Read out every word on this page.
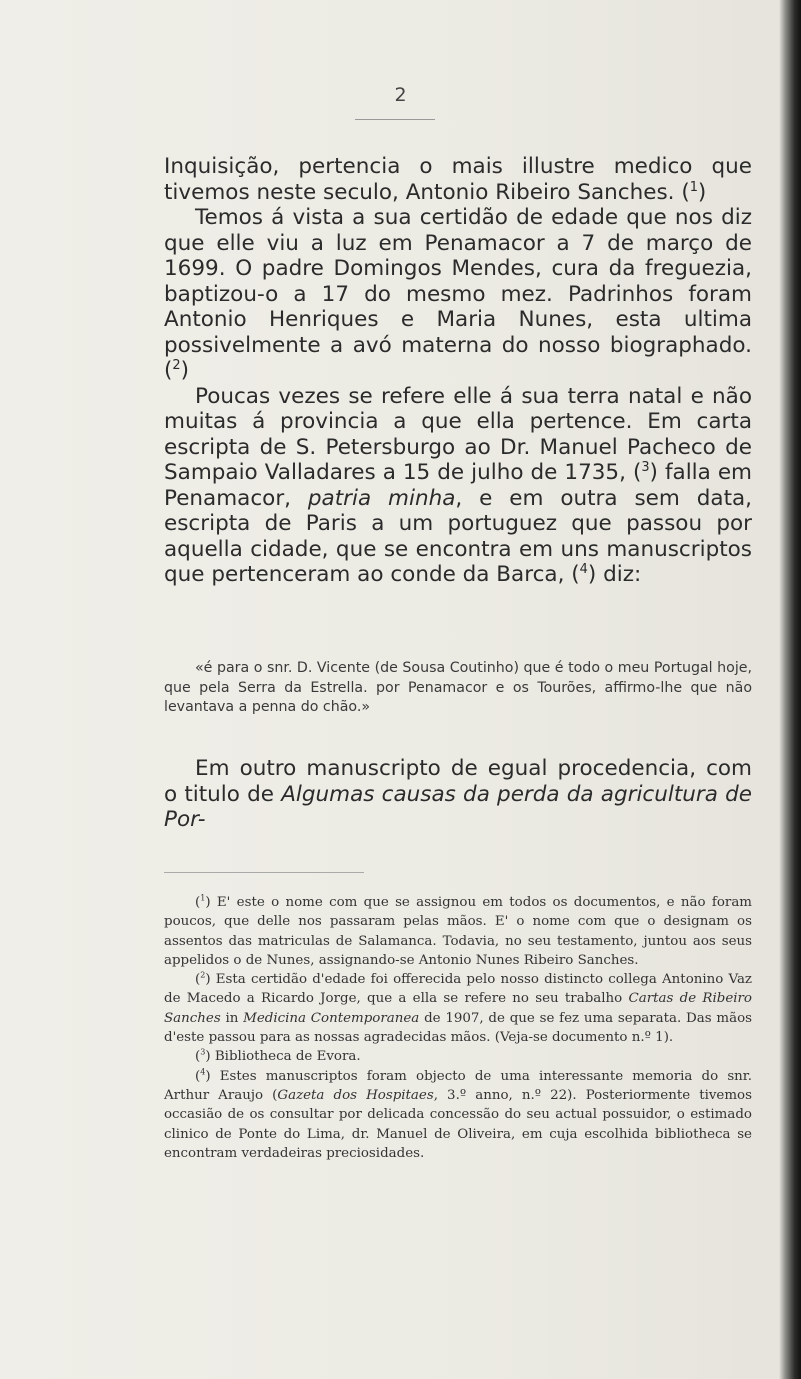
2

Inquisição, pertencia o mais illustre medico que tivemos neste seculo, Antonio Ribeiro Sanches. ($^1$)

Temos á vista a sua certidão de edade que nos diz que elle viu a luz em Penamacor a 7 de março de 1699. O padre Domingos Mendes, cura da freguezia, baptizou-o a 17 do mesmo mez. Padrinhos foram Antonio Henriques e Maria Nunes, esta ultima possivelmente a avó materna do nosso biographado. ($^2$)

Poucas vezes se refere elle á sua terra natal e não muitas á provincia a que ella pertence. Em carta escripta de S. Petersburgo ao Dr. Manuel Pacheco de Sampaio Valladares a 15 de julho de 1735, ($^3$) falla em Penamacor, patria minha, e em outra sem data, escripta de Paris a um portuguez que passou por aquella cidade, que se encontra em uns manuscriptos que pertenceram ao conde da Barca, ($^4$) diz:

«é para o snr. D. Vicente (de Sousa Coutinho) que é todo o meu Portugal hoje, que pela Serra da Estrella. por Penamacor e os Tourões, affirmo-lhe que não levantava a penna do chão.»

Em outro manuscripto de egual procedencia, com o titulo de Algumas causas da perda da agricultura de Por-

($^1$) E' este o nome com que se assignou em todos os documentos, e não foram poucos, que delle nos passaram pelas mãos. E' o nome com que o designam os assentos das matriculas de Salamanca. Todavia, no seu testamento, juntou aos seus appelidos o de Nunes, assignando-se Antonio Nunes Ribeiro Sanches.

($^2$) Esta certidão d'edade foi offerecida pelo nosso distincto collega Antonino Vaz de Macedo a Ricardo Jorge, que a ella se refere no seu trabalho Cartas de Ribeiro Sanches in Medicina Contemporanea de 1907, de que se fez uma separata. Das mãos d'este passou para as nossas agradecidas mãos. (Veja-se documento n.º 1).

($^3$) Bibliotheca de Evora.

($^4$) Estes manuscriptos foram objecto de uma interessante memoria do snr. Arthur Araujo (Gazeta dos Hospitaes, 3.º anno, n.º 22). Posteriormente tivemos occasião de os consultar por delicada concessão do seu actual possuidor, o estimado clinico de Ponte do Lima, dr. Manuel de Oliveira, em cuja escolhida bibliotheca se encontram verdadeiras preciosidades.
